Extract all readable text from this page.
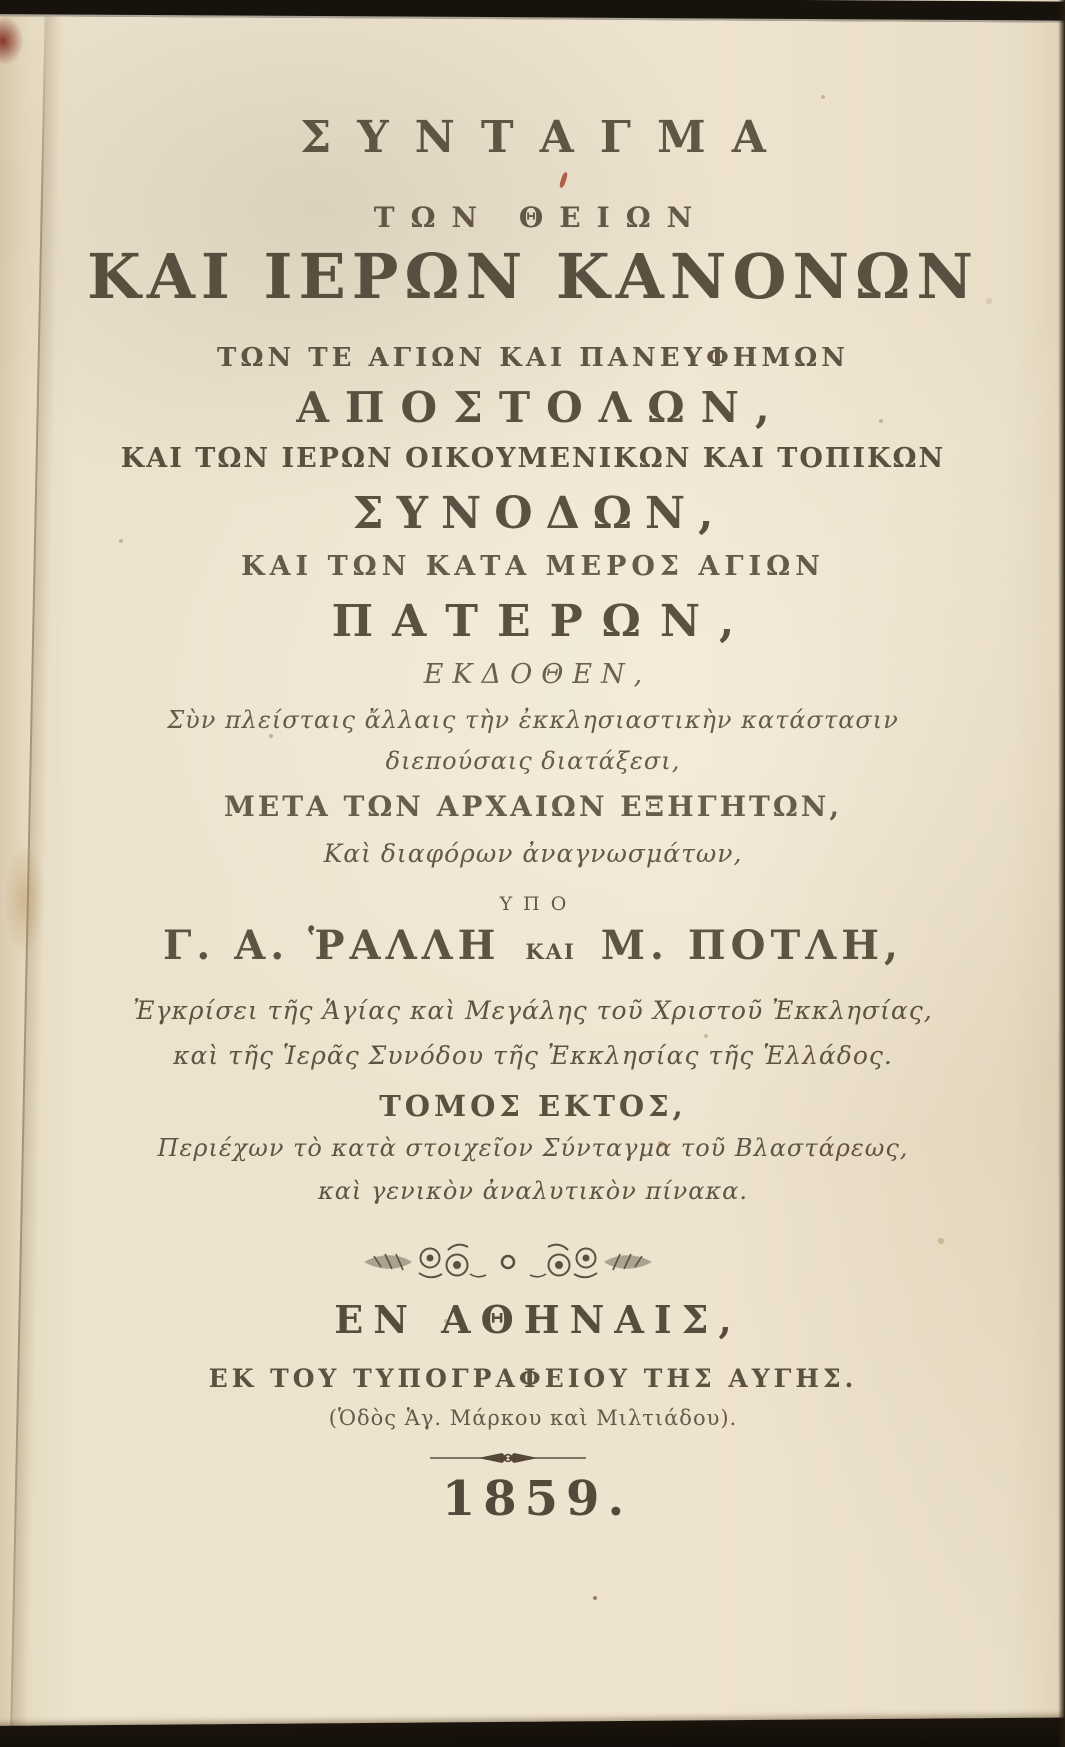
ΣΥΝΤΑΓΜΑ
ΤΩΝ ΘΕΙΩΝ
ΚΑΙ ΙΕΡΩΝ ΚΑΝΟΝΩΝ
ΤΩΝ ΤΕ ΑΓΙΩΝ ΚΑΙ ΠΑΝΕΥΦΗΜΩΝ
ΑΠΟΣΤΟΛΩΝ,
ΚΑΙ ΤΩΝ ΙΕΡΩΝ ΟΙΚΟΥΜΕΝΙΚΩΝ ΚΑΙ ΤΟΠΙΚΩΝ
ΣΥΝΟΔΩΝ,
ΚΑΙ ΤΩΝ ΚΑΤΑ ΜΕΡΟΣ ΑΓΙΩΝ
ΠΑΤΕΡΩΝ,
ΕΚΔΟΘΕΝ,
Σὺν πλείσταις ἄλλαις τὴν ἐκκλησιαστικὴν κατάστασιν
διεπούσαις διατάξεσι,
ΜΕΤΑ ΤΩΝ ΑΡΧΑΙΩΝ ΕΞΗΓΗΤΩΝ,
Καὶ διαφόρων ἀναγνωσμάτων,
ΥΠΟ
Γ. Α. ῬΑΛΛΗ ΚΑΙ Μ. ΠΟΤΛΗ,
Ἐγκρίσει τῆς Ἁγίας καὶ Μεγάλης τοῦ Χριστοῦ Ἐκκλησίας,
καὶ τῆς Ἱερᾶς Συνόδου τῆς Ἐκκλησίας τῆς Ἑλλάδος.
ΤΟΜΟΣ ΕΚΤΟΣ,
Περιέχων τὸ κατὰ στοιχεῖον Σύνταγμα τοῦ Βλαστάρεως,
καὶ γενικὸν ἀναλυτικὸν πίνακα.
ΕΝ ΑΘΗΝΑΙΣ,
ΕΚ ΤΟΥ ΤΥΠΟΓΡΑΦΕΙΟΥ ΤΗΣ ΑΥΓΗΣ.
(Ὁδὸς Ἁγ. Μάρκου καὶ Μιλτιάδου).
1859.
